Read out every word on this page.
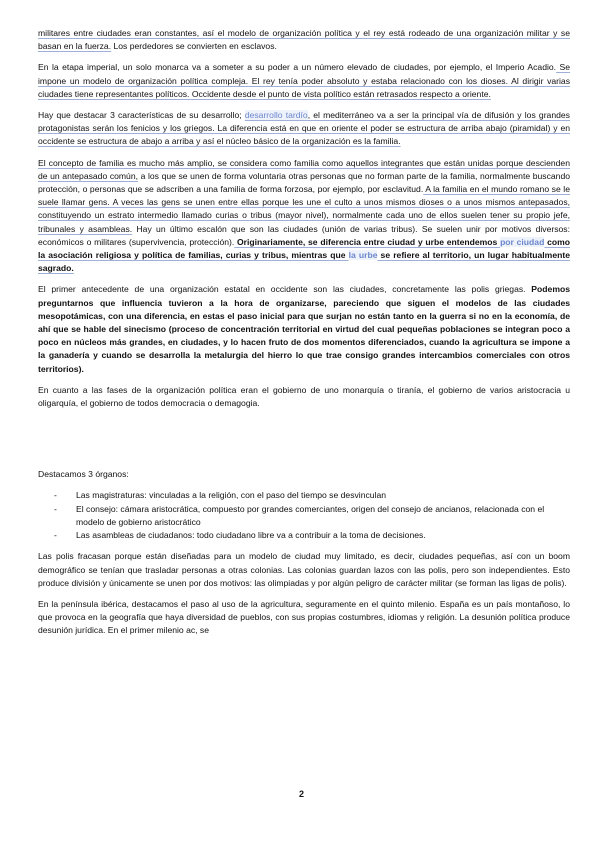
militares entre ciudades eran constantes, así el modelo de organización política y el rey está rodeado de una organización militar y se basan en la fuerza. Los perdedores se convierten en esclavos.

En la etapa imperial, un solo monarca va a someter a su poder a un número elevado de ciudades, por ejemplo, el Imperio Acadio. Se impone un modelo de organización política compleja. El rey tenía poder absoluto y estaba relacionado con los dioses. Al dirigir varias ciudades tiene representantes políticos. Occidente desde el punto de vista político están retrasados respecto a oriente.

Hay que destacar 3 características de su desarrollo; desarrollo tardío, el mediterráneo va a ser la principal vía de difusión y los grandes protagonistas serán los fenicios y los griegos. La diferencia está en que en oriente el poder se estructura de arriba abajo (piramidal) y en occidente se estructura de abajo a arriba y así el núcleo básico de la organización es la familia.

El concepto de familia es mucho más amplio, se considera como familia como aquellos integrantes que están unidas porque descienden de un antepasado común, a los que se unen de forma voluntaria otras personas que no forman parte de la familia, normalmente buscando protección, o personas que se adscriben a una familia de forma forzosa, por ejemplo, por esclavitud. A la familia en el mundo romano se le suele llamar gens. A veces las gens se unen entre ellas porque les une el culto a unos mismos dioses o a unos mismos antepasados, constituyendo un estrato intermedio llamado curias o tribus (mayor nivel), normalmente cada uno de ellos suelen tener su propio jefe, tribunales y asambleas. Hay un último escalón que son las ciudades (unión de varias tribus). Se suelen unir por motivos diversos: económicos o militares (supervivencia, protección). Originariamente, se diferencia entre ciudad y urbe entendemos por ciudad como la asociación religiosa y política de familias, curias y tribus, mientras que la urbe se refiere al territorio, un lugar habitualmente sagrado.

El primer antecedente de una organización estatal en occidente son las ciudades, concretamente las polis griegas. Podemos preguntarnos que influencia tuvieron a la hora de organizarse, pareciendo que siguen el modelos de las ciudades mesopotámicas, con una diferencia, en estas el paso inicial para que surjan no están tanto en la guerra si no en la economía, de ahí que se hable del sinecismo (proceso de concentración territorial en virtud del cual pequeñas poblaciones se integran poco a poco en núcleos más grandes, en ciudades, y lo hacen fruto de dos momentos diferenciados, cuando la agricultura se impone a la ganadería y cuando se desarrolla la metalurgia del hierro lo que trae consigo grandes intercambios comerciales con otros territorios).

En cuanto a las fases de la organización política eran el gobierno de uno monarquía o tiranía, el gobierno de varios aristocracia u oligarquía, el gobierno de todos democracia o demagogia.

Destacamos 3 órganos:

- Las magistraturas: vinculadas a la religión, con el paso del tiempo se desvinculan
- El consejo: cámara aristocrática, compuesto por grandes comerciantes, origen del consejo de ancianos, relacionada con el modelo de gobierno aristocrático
- Las asambleas de ciudadanos: todo ciudadano libre va a contribuir a la toma de decisiones.

Las polis fracasan porque están diseñadas para un modelo de ciudad muy limitado, es decir, ciudades pequeñas, así con un boom demográfico se tenían que trasladar personas a otras colonias. Las colonias guardan lazos con las polis, pero son independientes. Esto produce división y únicamente se unen por dos motivos: las olimpiadas y por algún peligro de carácter militar (se forman las ligas de polis).

En la península ibérica, destacamos el paso al uso de la agricultura, seguramente en el quinto milenio. España es un país montañoso, lo que provoca en la geografía que haya diversidad de pueblos, con sus propias costumbres, idiomas y religión. La desunión política produce desunión jurídica. En el primer milenio ac, se

2
